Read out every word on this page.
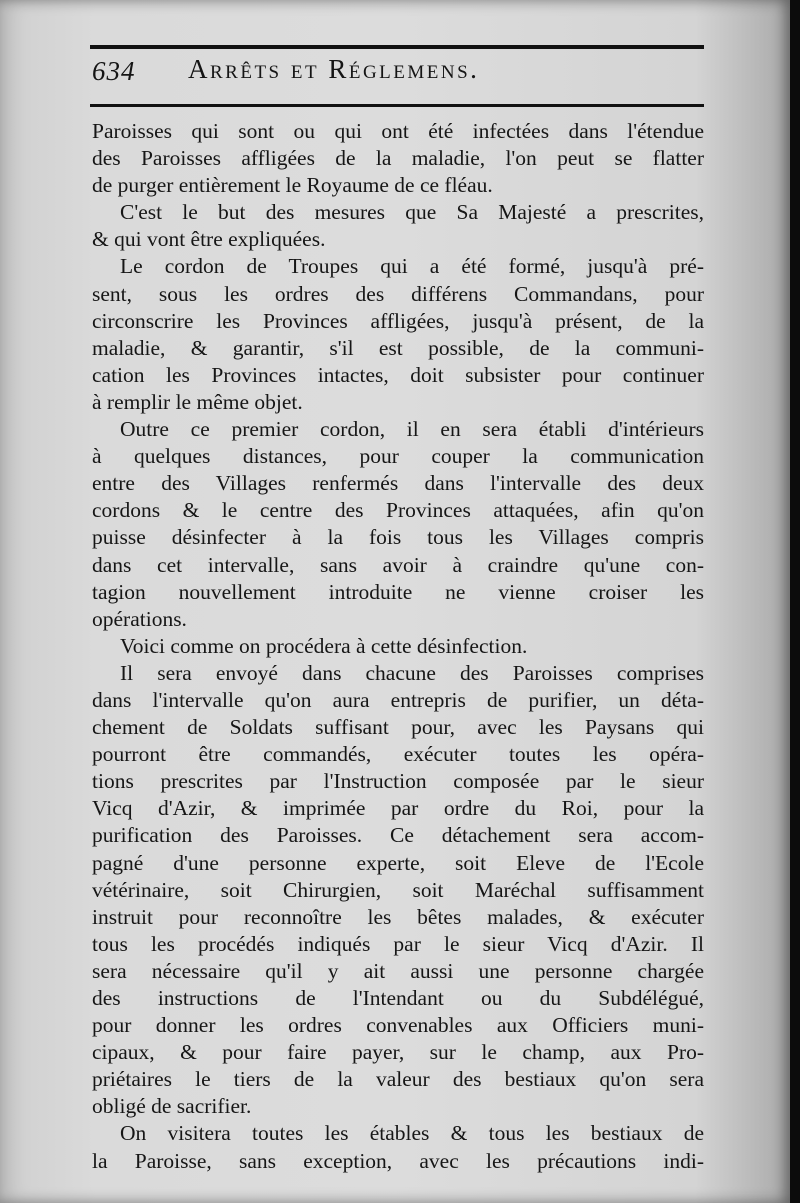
634 Arrêts et Réglemens.
Paroisses qui sont ou qui ont été infectées dans l'étendue
des Paroisses affligées de la maladie, l'on peut se flatter
de purger entièrement le Royaume de ce fléau.
C'est le but des mesures que Sa Majesté a prescrites,
& qui vont être expliquées.
Le cordon de Troupes qui a été formé, jusqu'à pré-
sent, sous les ordres des différens Commandans, pour
circonscrire les Provinces affligées, jusqu'à présent, de la
maladie, & garantir, s'il est possible, de la communi-
cation les Provinces intactes, doit subsister pour continuer
à remplir le même objet.
Outre ce premier cordon, il en sera établi d'intérieurs
à quelques distances, pour couper la communication
entre des Villages renfermés dans l'intervalle des deux
cordons & le centre des Provinces attaquées, afin qu'on
puisse désinfecter à la fois tous les Villages compris
dans cet intervalle, sans avoir à craindre qu'une con-
tagion nouvellement introduite ne vienne croiser les
opérations.
Voici comme on procédera à cette désinfection.
Il sera envoyé dans chacune des Paroisses comprises
dans l'intervalle qu'on aura entrepris de purifier, un déta-
chement de Soldats suffisant pour, avec les Paysans qui
pourront être commandés, exécuter toutes les opéra-
tions prescrites par l'Instruction composée par le sieur
Vicq d'Azir, & imprimée par ordre du Roi, pour la
purification des Paroisses. Ce détachement sera accom-
pagné d'une personne experte, soit Eleve de l'Ecole
vétérinaire, soit Chirurgien, soit Maréchal suffisamment
instruit pour reconnoître les bêtes malades, & exécuter
tous les procédés indiqués par le sieur Vicq d'Azir. Il
sera nécessaire qu'il y ait aussi une personne chargée
des instructions de l'Intendant ou du Subdélégué,
pour donner les ordres convenables aux Officiers muni-
cipaux, & pour faire payer, sur le champ, aux Pro-
priétaires le tiers de la valeur des bestiaux qu'on sera
obligé de sacrifier.
On visitera toutes les étables & tous les bestiaux de
la Paroisse, sans exception, avec les précautions indi-
